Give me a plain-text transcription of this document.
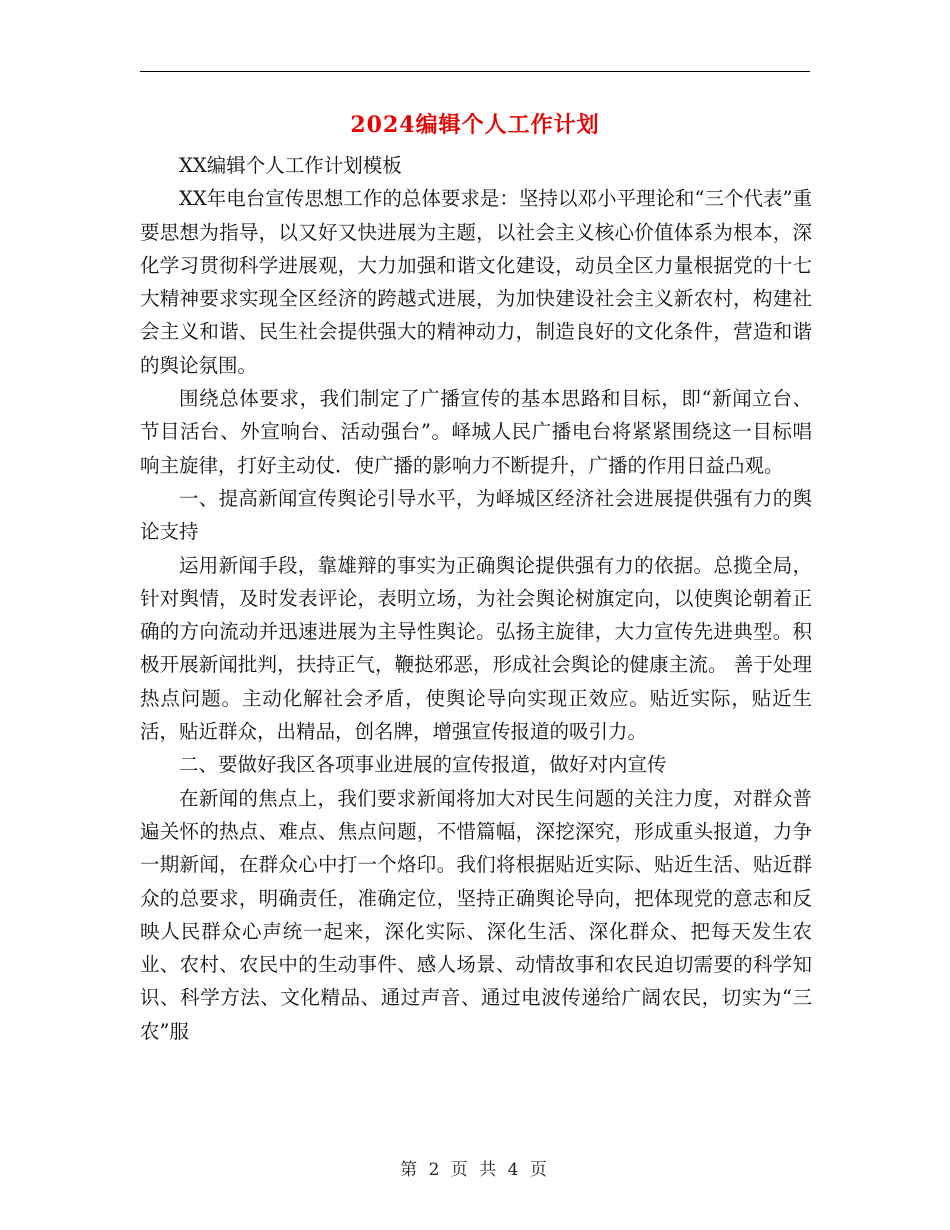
2024编辑个人工作计划

XX编辑个人工作计划模板

XX年电台宣传思想工作的总体要求是：坚持以邓小平理论和“三个代表”重要思想为指导，以又好又快进展为主题，以社会主义核心价值体系为根本，深化学习贯彻科学进展观，大力加强和谐文化建设，动员全区力量根据党的十七大精神要求实现全区经济的跨越式进展，为加快建设社会主义新农村，构建社会主义和谐、民生社会提供强大的精神动力，制造良好的文化条件，营造和谐的舆论氛围。

围绕总体要求，我们制定了广播宣传的基本思路和目标，即“新闻立台、节目活台、外宣响台、活动强台”。峄城人民广播电台将紧紧围绕这一目标唱响主旋律，打好主动仗．使广播的影响力不断提升，广播的作用日益凸观。

一、提高新闻宣传舆论引导水平，为峄城区经济社会进展提供强有力的舆论支持

运用新闻手段，靠雄辩的事实为正确舆论提供强有力的依据。总揽全局，针对舆情，及时发表评论，表明立场，为社会舆论树旗定向，以使舆论朝着正确的方向流动并迅速进展为主导性舆论。弘扬主旋律，大力宣传先进典型。积极开展新闻批判，扶持正气，鞭挞邪恶，形成社会舆论的健康主流。 善于处理热点问题。主动化解社会矛盾，使舆论导向实现正效应。贴近实际，贴近生活，贴近群众，出精品，创名牌，增强宣传报道的吸引力。

二、要做好我区各项事业进展的宣传报道，做好对内宣传

在新闻的焦点上，我们要求新闻将加大对民生问题的关注力度，对群众普遍关怀的热点、难点、焦点问题，不惜篇幅，深挖深究，形成重头报道，力争一期新闻，在群众心中打一个烙印。我们将根据贴近实际、贴近生活、贴近群众的总要求，明确责任，准确定位，坚持正确舆论导向，把体现党的意志和反映人民群众心声统一起来，深化实际、深化生活、深化群众、把每天发生农业、农村、农民中的生动事件、感人场景、动情故事和农民迫切需要的科学知识、科学方法、文化精品、通过声音、通过电波传递给广阔农民，切实为“三农”服

第 2 页 共 4 页
